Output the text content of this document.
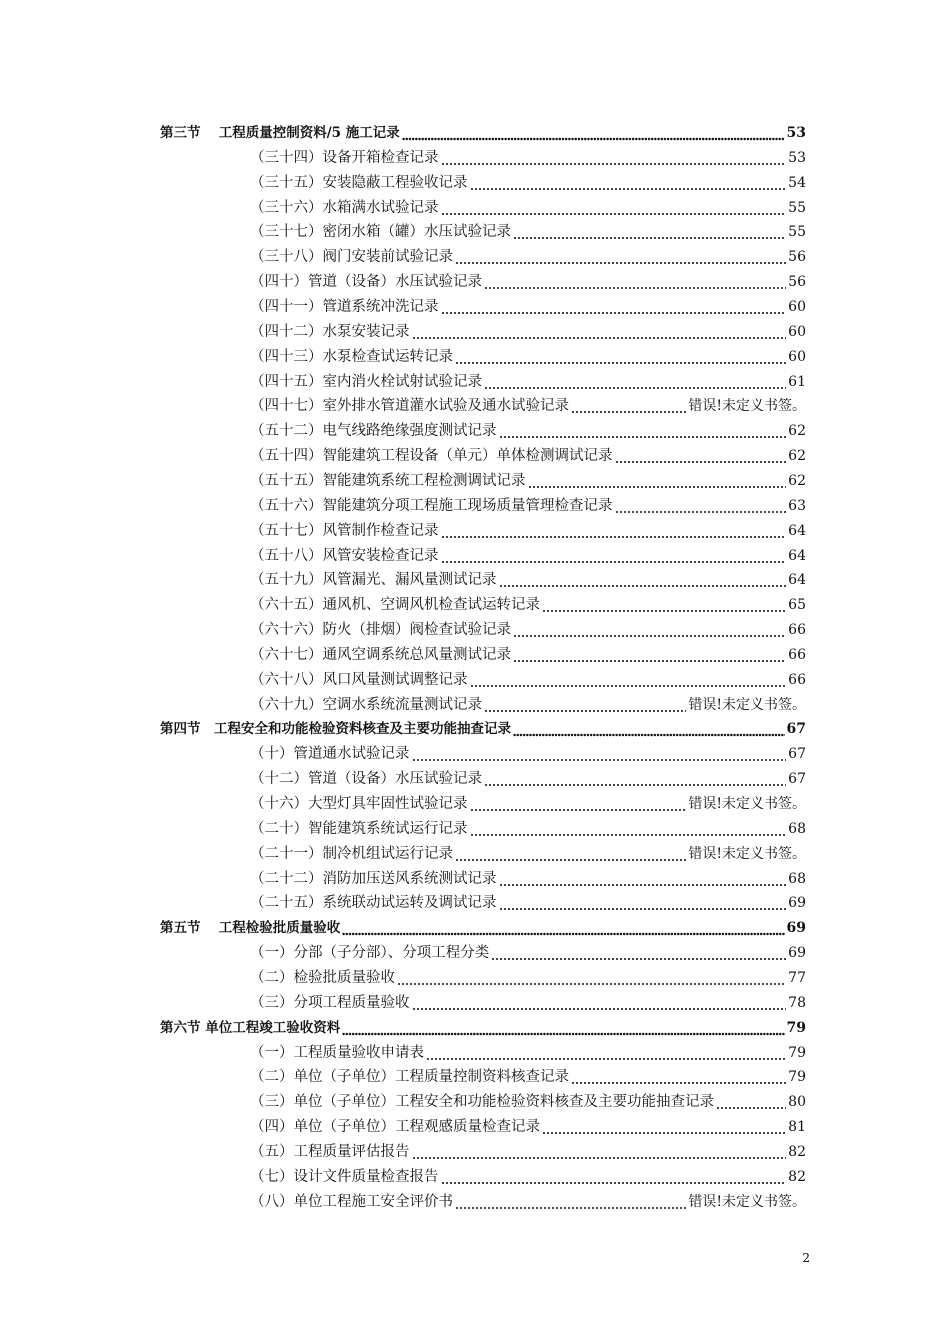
第三节　 工程质量控制资料/5 施工记录	53
（三十四）设备开箱检查记录	53
（三十五）安装隐蔽工程验收记录	54
（三十六）水箱满水试验记录	55
（三十七）密闭水箱（罐）水压试验记录	55
（三十八）阀门安装前试验记录	56
（四十）管道（设备）水压试验记录	56
（四十一）管道系统冲洗记录	60
（四十二）水泵安装记录	60
（四十三）水泵检查试运转记录	60
（四十五）室内消火栓试射试验记录	61
（四十七）室外排水管道灌水试验及通水试验记录	错误!未定义书签。
（五十二）电气线路绝缘强度测试记录	62
（五十四）智能建筑工程设备（单元）单体检测调试记录	62
（五十五）智能建筑系统工程检测调试记录	62
（五十六）智能建筑分项工程施工现场质量管理检查记录	63
（五十七）风管制作检查记录	64
（五十八）风管安装检查记录	64
（五十九）风管漏光、漏风量测试记录	64
（六十五）通风机、空调风机检查试运转记录	65
（六十六）防火（排烟）阀检查试验记录	66
（六十七）通风空调系统总风量测试记录	66
（六十八）风口风量测试调整记录	66
（六十九）空调水系统流量测试记录	错误!未定义书签。
第四节　工程安全和功能检验资料核查及主要功能抽查记录	67
（十）管道通水试验记录	67
（十二）管道（设备）水压试验记录	67
（十六）大型灯具牢固性试验记录	错误!未定义书签。
（二十）智能建筑系统试运行记录	68
（二十一）制冷机组试运行记录	错误!未定义书签。
（二十二）消防加压送风系统测试记录	68
（二十五）系统联动试运转及调试记录	69
第五节　 工程检验批质量验收	69
（一）分部（子分部）、分项工程分类	69
（二）检验批质量验收	77
（三）分项工程质量验收	78
第六节 单位工程竣工验收资料	79
（一）工程质量验收申请表	79
（二）单位（子单位）工程质量控制资料核查记录	79
（三）单位（子单位）工程安全和功能检验资料核查及主要功能抽查记录	80
（四）单位（子单位）工程观感质量检查记录	81
（五）工程质量评估报告	82
（七）设计文件质量检查报告	82
（八）单位工程施工安全评价书	错误!未定义书签。
2
